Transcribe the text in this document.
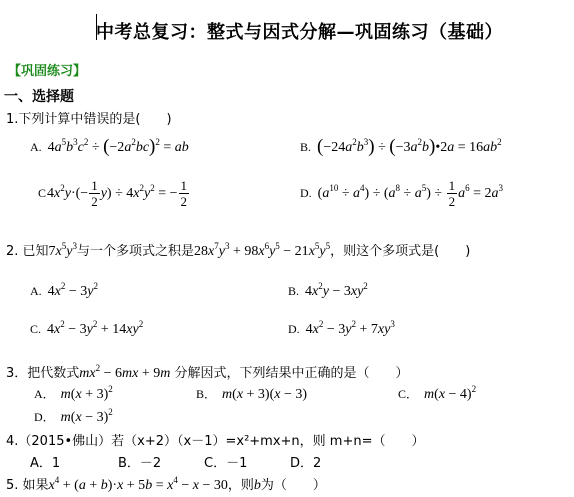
中考总复习：整式与因式分解—巩固练习（基础）
【巩固练习】
一、选择题
1.下列计算中错误的是(　　)
A. $4a^5b^3c^2 \div (-2a^2bc)^2$ = ab	B. $(-24a^2b^3)$ ÷ $(-3a^2b)•2a = 16ab^2$
$C4x^2y\cdot(- \frac{1}{2} y) \div 4x^2y^2$ = − $\frac{1}{2}$	D. $(a^{10} \div a^4) \div (a^8 \div a^5) \div \frac{1}{2} a^6 = 2a^3$
2. 已知$7x^5y^3$与一个多项式之积是$28x^7y^3 + 98x^6y^5 - 21x^5y^5$，则这个多项式是(　　)
A. $4x^2 - 3y^2$	B. $4x^2y - 3xy^2$
C. $4x^2 - 3y^2 + 14xy^2$	D. $4x^2 - 3y^2 + 7xy^3$
3．把代数式$mx^2 - 6mx + 9m$ 分解因式，下列结果中正确的是（　　）
A． $m(x + 3)^2$	B． m(x + 3)(x − 3)	C． $m(x - 4)^2$
D． $m(x - 3)^2$
4.（2015•佛山）若（x+2）（x－1）=x²+mx+n，则 m+n=（　　）
A．1	B．－2	C．－1	D．2
5. 如果$x^4 + (a + b)\cdot x + 5b = x^4 - x - 30$，则b为（　　）
